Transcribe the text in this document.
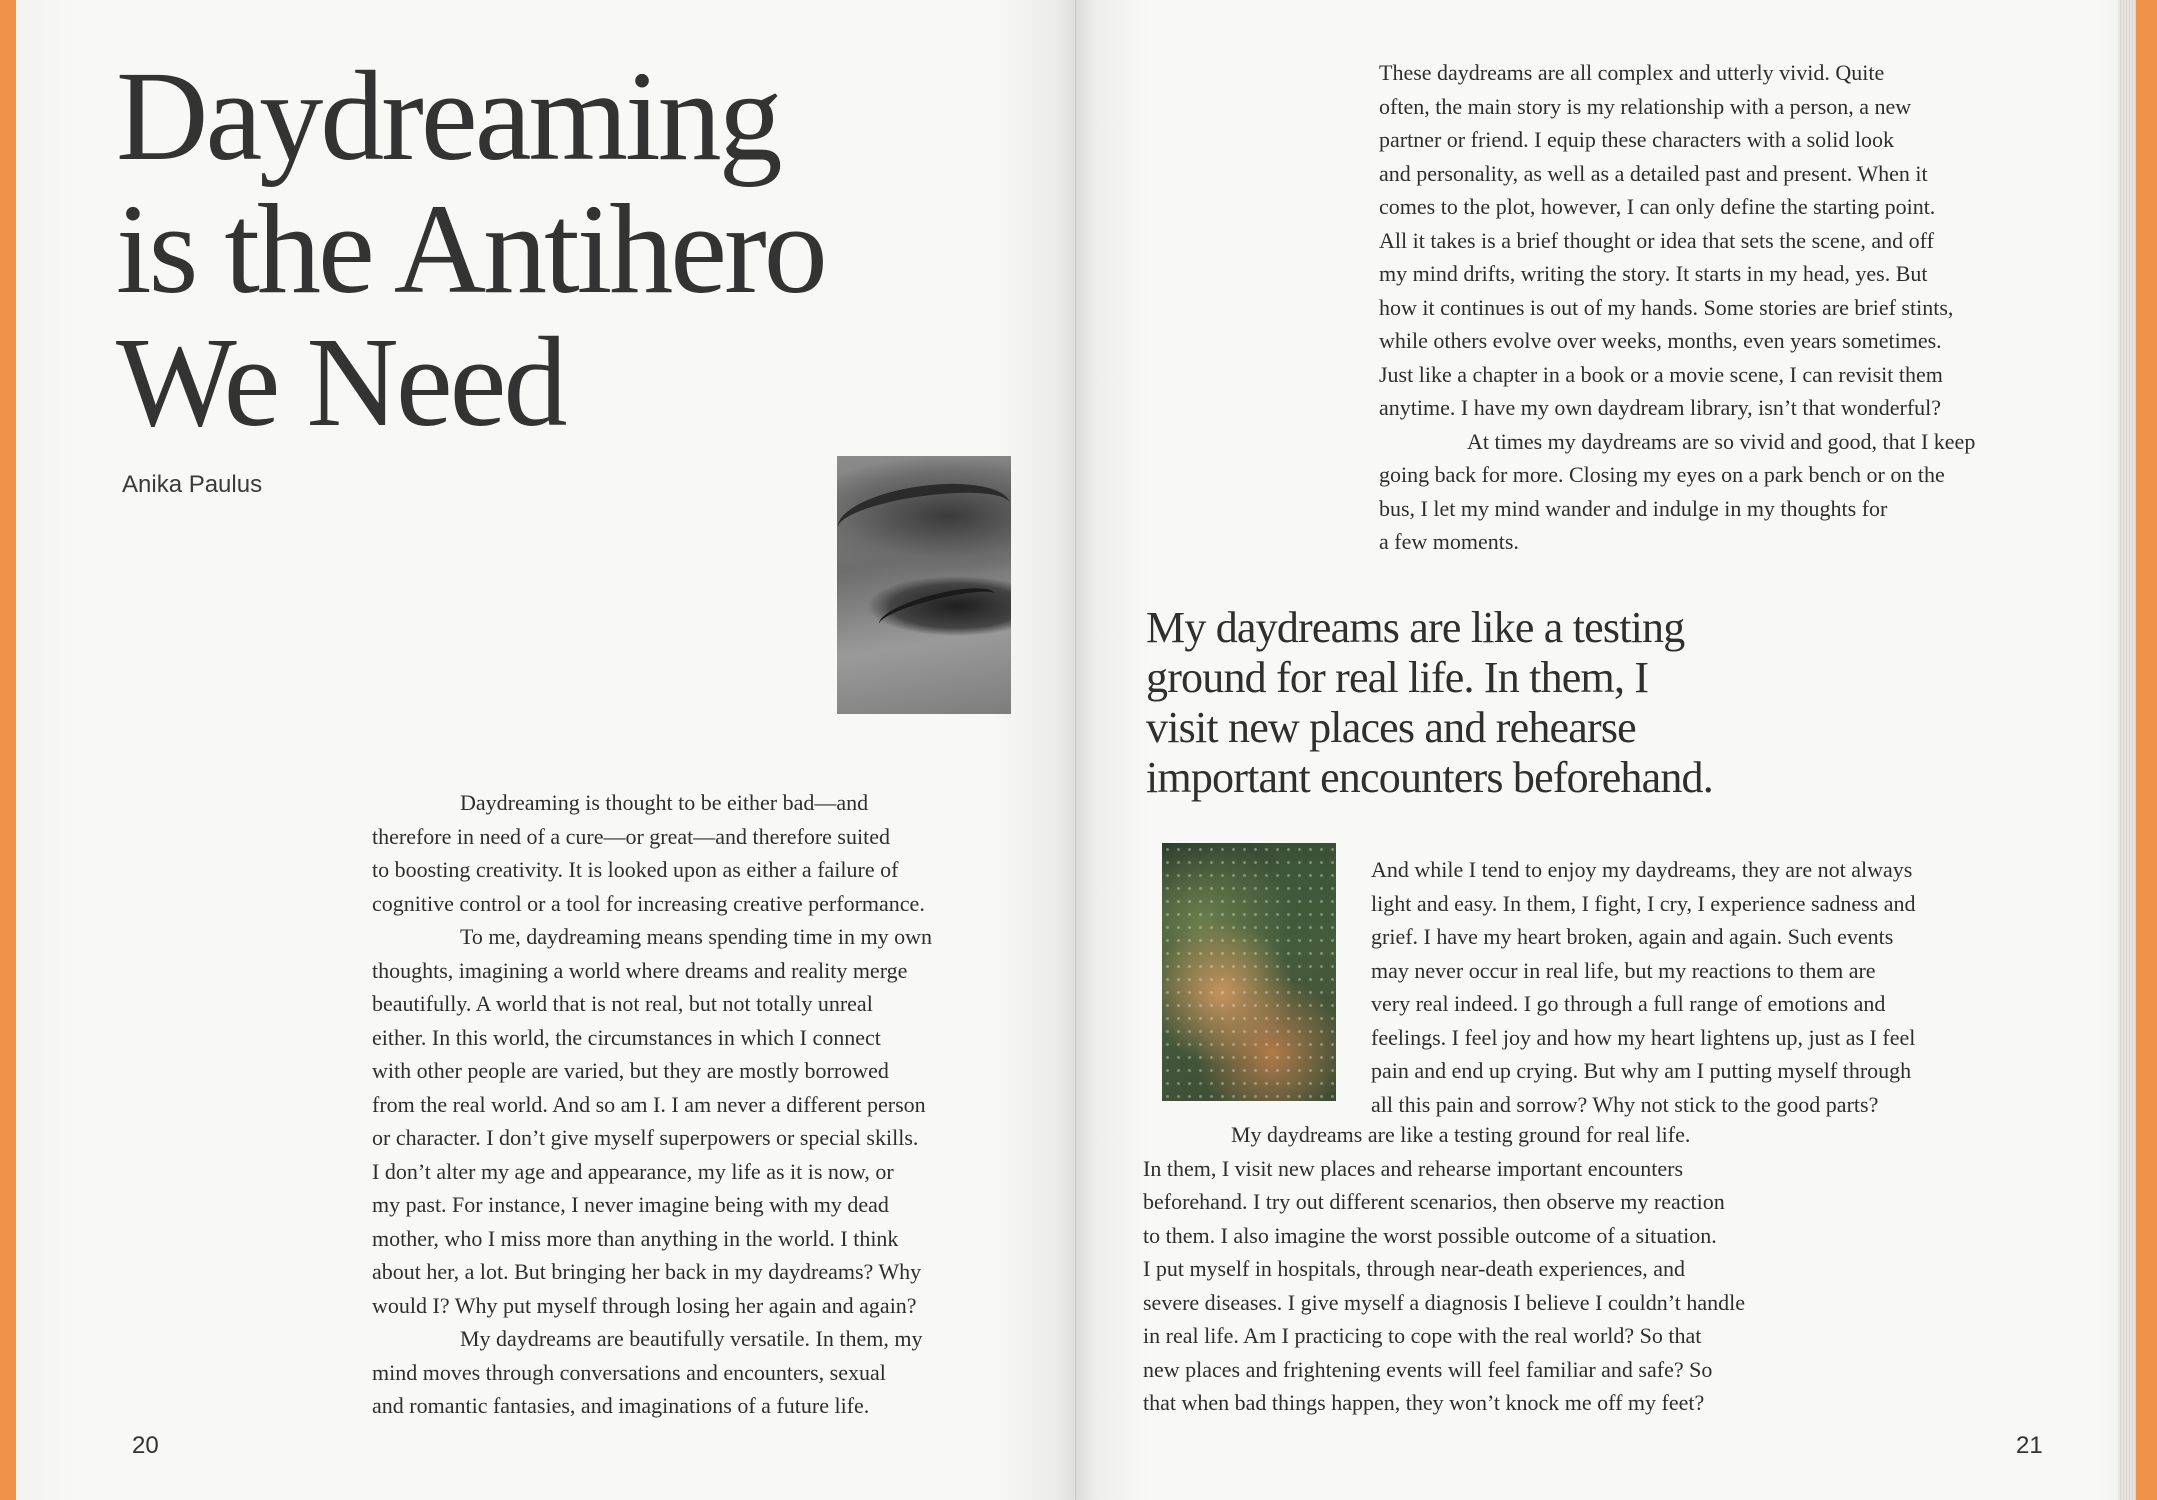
Daydreaming
is the Antihero
We Need
Anika Paulus
Daydreaming is thought to be either bad—and
therefore in need of a cure—or great—and therefore suited
to boosting creativity. It is looked upon as either a failure of
cognitive control or a tool for increasing creative performance.
To me, daydreaming means spending time in my own
thoughts, imagining a world where dreams and reality merge
beautifully. A world that is not real, but not totally unreal
either. In this world, the circumstances in which I connect
with other people are varied, but they are mostly borrowed
from the real world. And so am I. I am never a different person
or character. I don’t give myself superpowers or special skills.
I don’t alter my age and appearance, my life as it is now, or
my past. For instance, I never imagine being with my dead
mother, who I miss more than anything in the world. I think
about her, a lot. But bringing her back in my daydreams? Why
would I? Why put myself through losing her again and again?
My daydreams are beautifully versatile. In them, my
mind moves through conversations and encounters, sexual
and romantic fantasies, and imaginations of a future life.
20	21
These daydreams are all complex and utterly vivid. Quite
often, the main story is my relationship with a person, a new
partner or friend. I equip these characters with a solid look
and personality, as well as a detailed past and present. When it
comes to the plot, however, I can only define the starting point.
All it takes is a brief thought or idea that sets the scene, and off
my mind drifts, writing the story. It starts in my head, yes. But
how it continues is out of my hands. Some stories are brief stints,
while others evolve over weeks, months, even years sometimes.
Just like a chapter in a book or a movie scene, I can revisit them
anytime. I have my own daydream library, isn’t that wonderful?
At times my daydreams are so vivid and good, that I keep
going back for more. Closing my eyes on a park bench or on the
bus, I let my mind wander and indulge in my thoughts for
a few moments.
My daydreams are like a testing
ground for real life. In them, I
visit new places and rehearse
important encounters beforehand.
And while I tend to enjoy my daydreams, they are not always
light and easy. In them, I fight, I cry, I experience sadness and
grief. I have my heart broken, again and again. Such events
may never occur in real life, but my reactions to them are
very real indeed. I go through a full range of emotions and
feelings. I feel joy and how my heart lightens up, just as I feel
pain and end up crying. But why am I putting myself through
all this pain and sorrow? Why not stick to the good parts?
My daydreams are like a testing ground for real life.
In them, I visit new places and rehearse important encounters
beforehand. I try out different scenarios, then observe my reaction
to them. I also imagine the worst possible outcome of a situation.
I put myself in hospitals, through near-death experiences, and
severe diseases. I give myself a diagnosis I believe I couldn’t handle
in real life. Am I practicing to cope with the real world? So that
new places and frightening events will feel familiar and safe? So
that when bad things happen, they won’t knock me off my feet?
